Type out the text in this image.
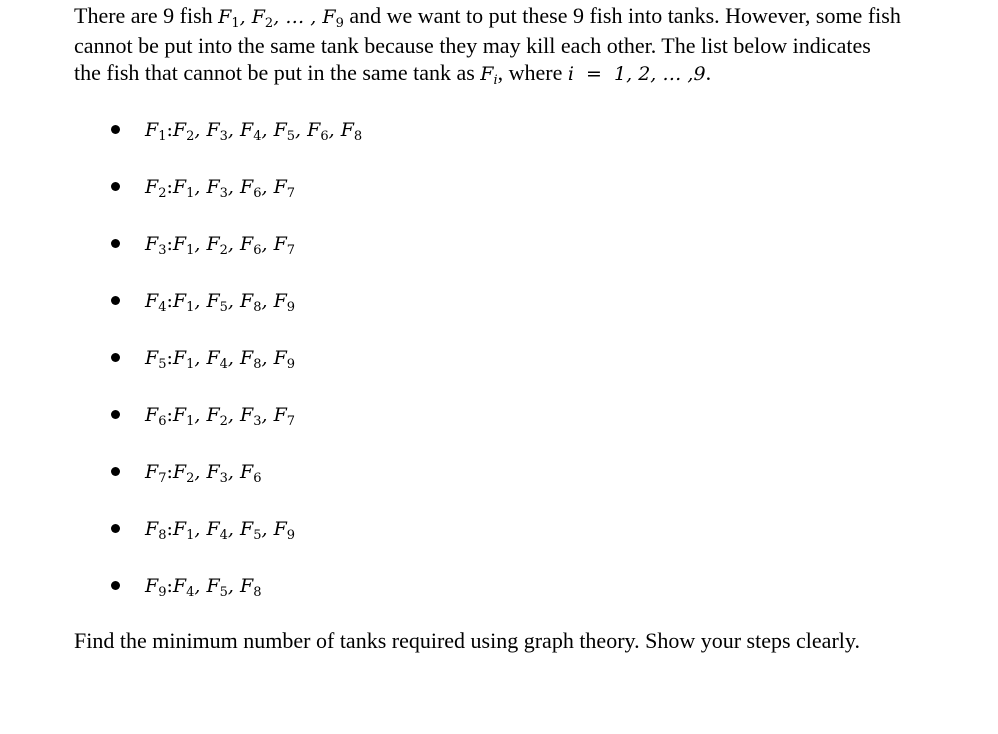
There are 9 fish $F_1$, $F_2$, … , $F_9$ and we want to put these 9 fish into tanks. However, some fish
cannot be put into the same tank because they may kill each other. The list below indicates
the fish that cannot be put in the same tank as $F_i$, where i  =  1, 2, … ,9.
$F_1:F_2$, $F_3$, $F_4$, $F_5$, $F_6$, $F_8$
$F_2:F_1$, $F_3$, $F_6$, $F_7$
$F_3:F_1$, $F_2$, $F_6$, $F_7$
$F_4:F_1$, $F_5$, $F_8$, $F_9$
$F_5:F_1$, $F_4$, $F_8$, $F_9$
$F_6:F_1$, $F_2$, $F_3$, $F_7$
$F_7:F_2$, $F_3$, $F_6$
$F_8:F_1$, $F_4$, $F_5$, $F_9$
$F_9:F_4$, $F_5$, $F_8$
Find the minimum number of tanks required using graph theory. Show your steps clearly.
